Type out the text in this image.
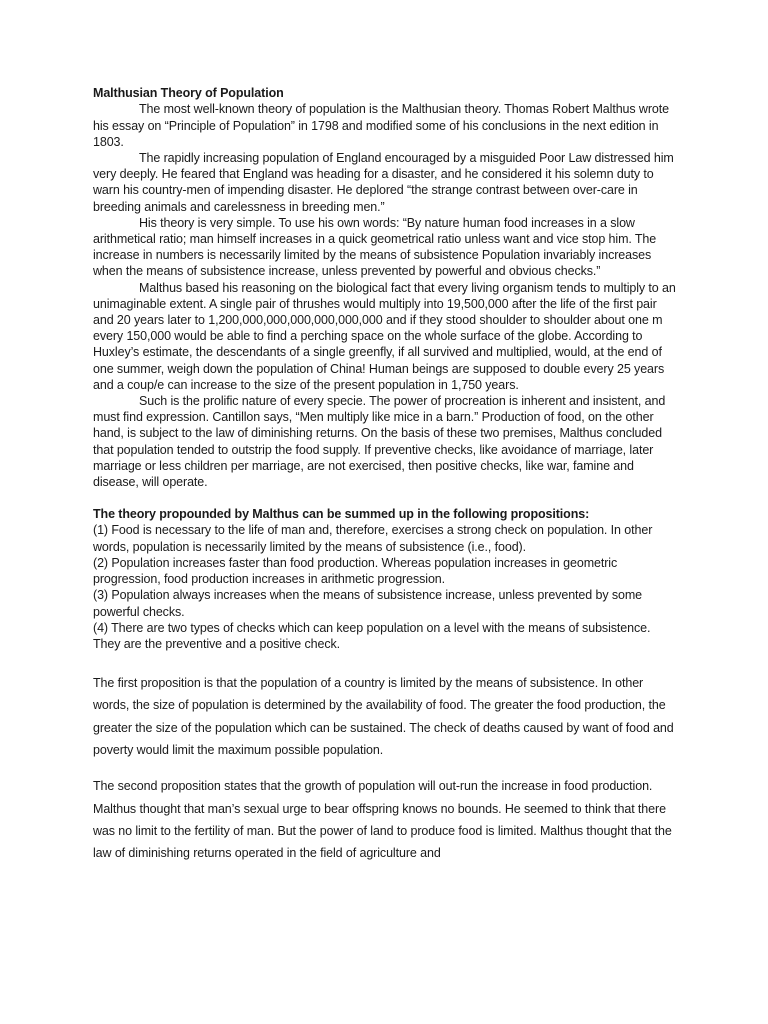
Malthusian Theory of Population

The most well-known theory of population is the Malthusian theory. Thomas Robert Malthus wrote his essay on “Principle of Population” in 1798 and modified some of his conclusions in the next edition in 1803.

The rapidly increasing population of England encouraged by a misguided Poor Law distressed him very deeply. He feared that England was heading for a disaster, and he considered it his solemn duty to warn his country-men of impending disaster. He deplored “the strange contrast between over-care in breeding animals and carelessness in breeding men.”

His theory is very simple. To use his own words: “By nature human food increases in a slow arithmetical ratio; man himself increases in a quick geometrical ratio unless want and vice stop him. The increase in numbers is necessarily limited by the means of subsistence Population invariably increases when the means of subsistence increase, unless prevented by powerful and obvious checks.”

Malthus based his reasoning on the biological fact that every living organism tends to multiply to an unimaginable extent. A single pair of thrushes would multiply into 19,500,000 after the life of the first pair and 20 years later to 1,200,000,000,000,000,000,000 and if they stood shoulder to shoulder about one m every 150,000 would be able to find a perching space on the whole surface of the globe. According to Huxley’s estimate, the descendants of a single greenfly, if all survived and multiplied, would, at the end of one summer, weigh down the population of China! Human beings are supposed to double every 25 years and a coup/e can increase to the size of the present population in 1,750 years.

Such is the prolific nature of every specie. The power of procreation is inherent and insistent, and must find expression. Cantillon says, “Men multiply like mice in a barn.” Production of food, on the other hand, is subject to the law of diminishing returns. On the basis of these two premises, Malthus concluded that population tended to outstrip the food supply. If preventive checks, like avoidance of marriage, later marriage or less children per marriage, are not exercised, then positive checks, like war, famine and disease, will operate.

The theory propounded by Malthus can be summed up in the following propositions:

(1) Food is necessary to the life of man and, therefore, exercises a strong check on population. In other words, population is necessarily limited by the means of subsistence (i.e., food).

(2) Population increases faster than food production. Whereas population increases in geometric progression, food production increases in arithmetic progression.

(3) Population always increases when the means of subsistence increase, unless prevented by some powerful checks.

(4) There are two types of checks which can keep population on a level with the means of subsistence. They are the preventive and a positive check.

The first proposition is that the population of a country is limited by the means of subsistence. In other words, the size of population is determined by the availability of food. The greater the food production, the greater the size of the population which can be sustained. The check of deaths caused by want of food and poverty would limit the maximum possible population.

The second proposition states that the growth of population will out-run the increase in food production. Malthus thought that man’s sexual urge to bear offspring knows no bounds. He seemed to think that there was no limit to the fertility of man. But the power of land to produce food is limited. Malthus thought that the law of diminishing returns operated in the field of agriculture and
